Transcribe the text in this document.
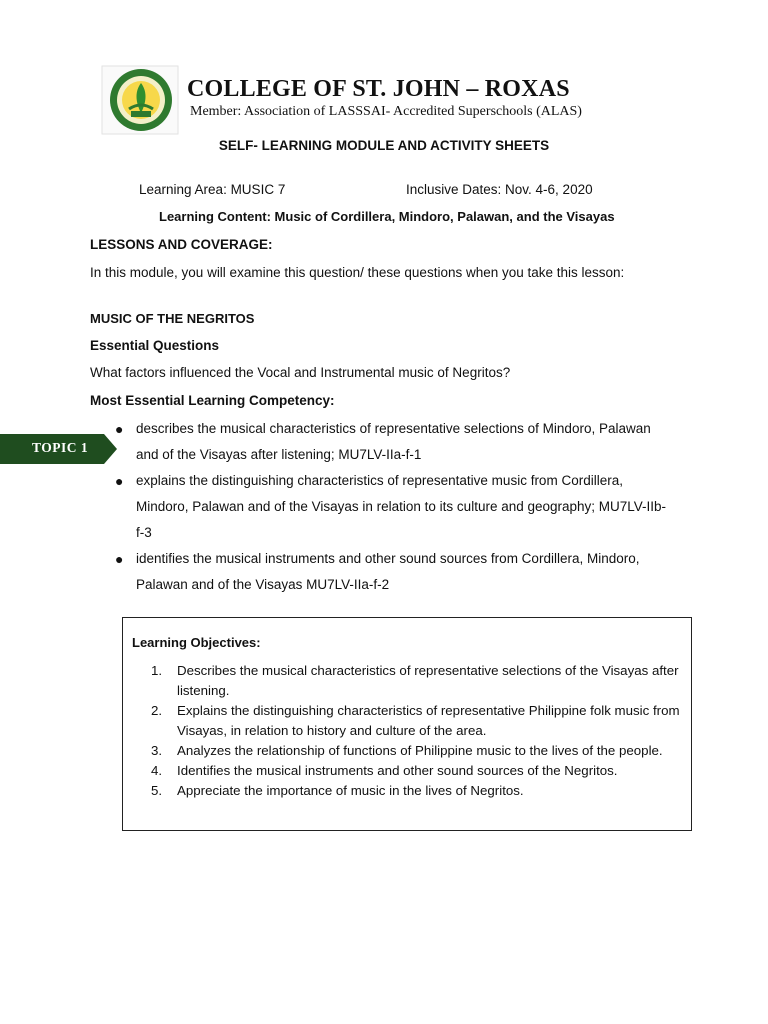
COLLEGE OF ST. JOHN – ROXAS
Member: Association of LASSSAI- Accredited Superschools (ALAS)
SELF- LEARNING MODULE AND ACTIVITY SHEETS
Learning Area: MUSIC 7	Inclusive Dates: Nov. 4-6, 2020
Learning Content: Music of Cordillera, Mindoro, Palawan, and the Visayas
LESSONS AND COVERAGE:
In this module, you will examine this question/ these questions when you take this lesson:
MUSIC OF THE NEGRITOS
Essential Questions
What factors influenced the Vocal and Instrumental music of Negritos?
Most Essential Learning Competency:
TOPIC 1
● describes the musical characteristics of representative selections of Mindoro, Palawan and of the Visayas after listening; MU7LV-IIa-f-1
● explains the distinguishing characteristics of representative music from Cordillera, Mindoro, Palawan and of the Visayas in relation to its culture and geography; MU7LV-IIb-f-3
● identifies the musical instruments and other sound sources from Cordillera, Mindoro, Palawan and of the Visayas MU7LV-IIa-f-2
Learning Objectives:
1. Describes the musical characteristics of representative selections of the Visayas after listening.
2. Explains the distinguishing characteristics of representative Philippine folk music from Visayas, in relation to history and culture of the area.
3. Analyzes the relationship of functions of Philippine music to the lives of the people.
4. Identifies the musical instruments and other sound sources of the Negritos.
5. Appreciate the importance of music in the lives of Negritos.
